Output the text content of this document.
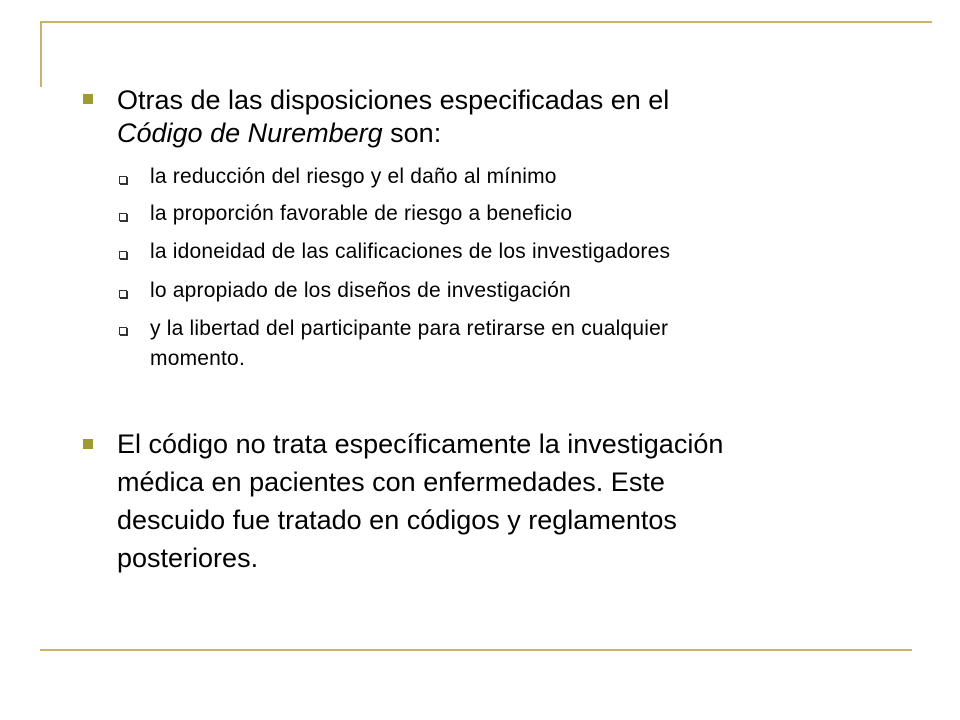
Otras de las disposiciones especificadas en el
Código de Nuremberg son:
la reducción del riesgo y el daño al mínimo
la proporción favorable de riesgo a beneficio
la idoneidad de las calificaciones de los investigadores
lo apropiado de los diseños de investigación
y la libertad del participante para retirarse en cualquier
momento.
El código no trata específicamente la investigación
médica en pacientes con enfermedades. Este
descuido fue tratado en códigos y reglamentos
posteriores.
